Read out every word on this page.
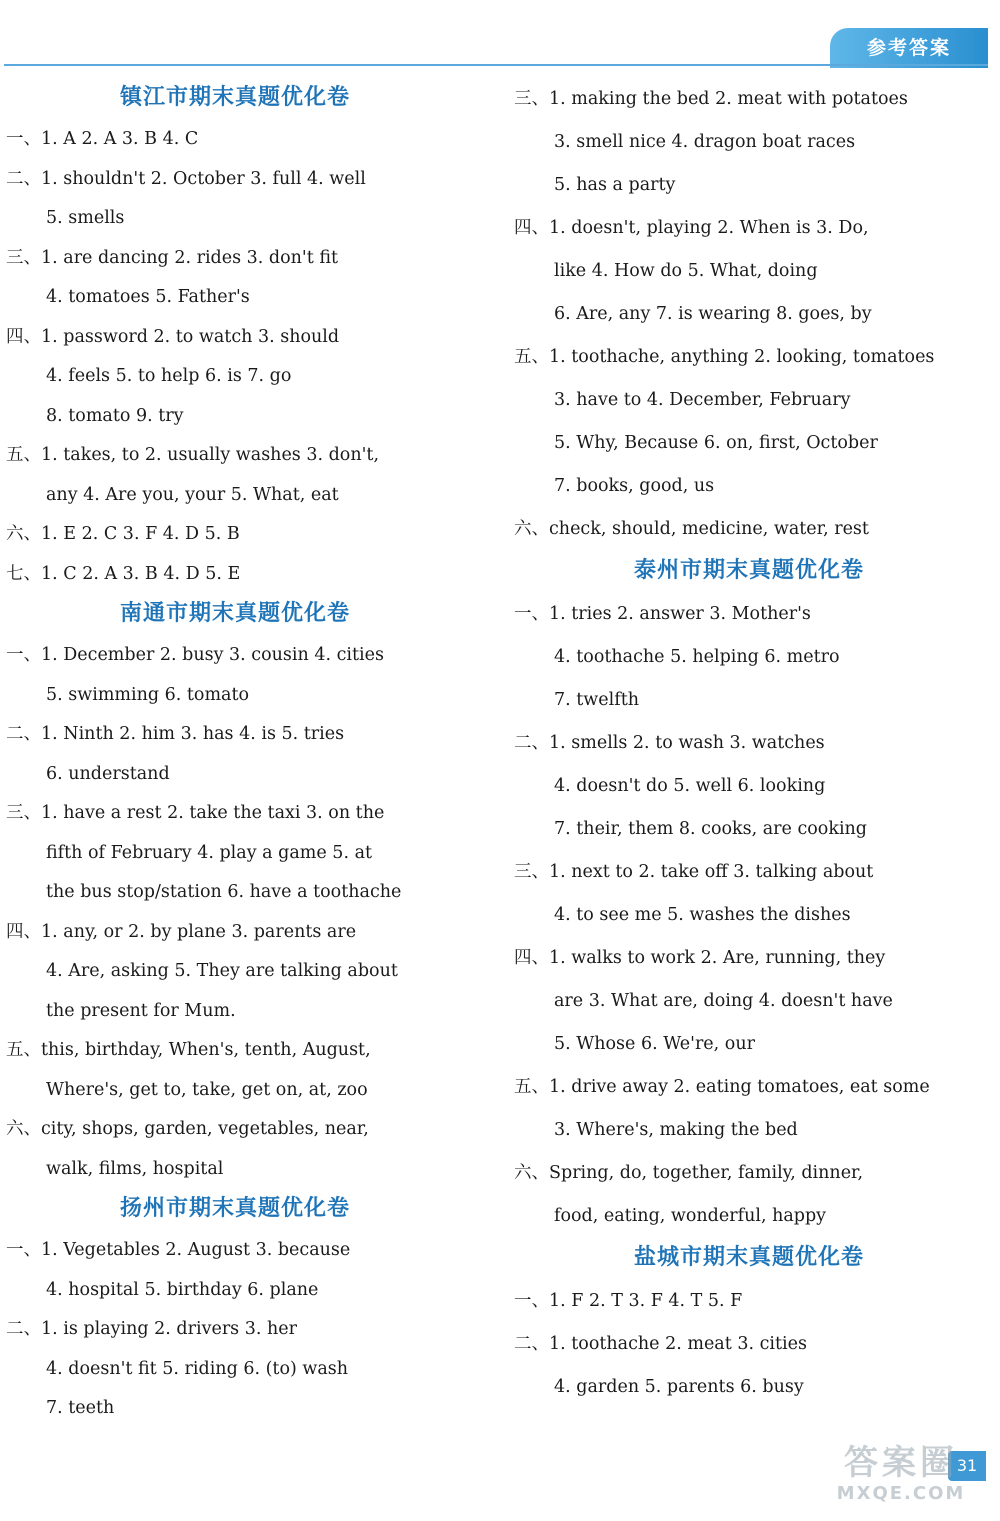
参考答案
镇江市期末真题优化卷
一、1. A 2. A 3. B 4. C
二、1. shouldn't 2. October 3. full 4. well
5. smells
三、1. are dancing 2. rides 3. don't fit
4. tomatoes 5. Father's
四、1. password 2. to watch 3. should
4. feels 5. to help 6. is 7. go
8. tomato 9. try
五、1. takes, to 2. usually washes 3. don't,
any 4. Are you, your 5. What, eat
六、1. E 2. C 3. F 4. D 5. B
七、1. C 2. A 3. B 4. D 5. E
南通市期末真题优化卷
一、1. December 2. busy 3. cousin 4. cities
5. swimming 6. tomato
二、1. Ninth 2. him 3. has 4. is 5. tries
6. understand
三、1. have a rest 2. take the taxi 3. on the
fifth of February 4. play a game 5. at
the bus stop/station 6. have a toothache
四、1. any, or 2. by plane 3. parents are
4. Are, asking 5. They are talking about
the present for Mum.
五、this, birthday, When's, tenth, August,
Where's, get to, take, get on, at, zoo
六、city, shops, garden, vegetables, near,
walk, films, hospital
扬州市期末真题优化卷
一、1. Vegetables 2. August 3. because
4. hospital 5. birthday 6. plane
二、1. is playing 2. drivers 3. her
4. doesn't fit 5. riding 6. (to) wash
7. teeth
三、1. making the bed 2. meat with potatoes
3. smell nice 4. dragon boat races
5. has a party
四、1. doesn't, playing 2. When is 3. Do,
like 4. How do 5. What, doing
6. Are, any 7. is wearing 8. goes, by
五、1. toothache, anything 2. looking, tomatoes
3. have to 4. December, February
5. Why, Because 6. on, first, October
7. books, good, us
六、check, should, medicine, water, rest
泰州市期末真题优化卷
一、1. tries 2. answer 3. Mother's
4. toothache 5. helping 6. metro
7. twelfth
二、1. smells 2. to wash 3. watches
4. doesn't do 5. well 6. looking
7. their, them 8. cooks, are cooking
三、1. next to 2. take off 3. talking about
4. to see me 5. washes the dishes
四、1. walks to work 2. Are, running, they
are 3. What are, doing 4. doesn't have
5. Whose 6. We're, our
五、1. drive away 2. eating tomatoes, eat some
3. Where's, making the bed
六、Spring, do, together, family, dinner,
food, eating, wonderful, happy
盐城市期末真题优化卷
一、1. F 2. T 3. F 4. T 5. F
二、1. toothache 2. meat 3. cities
4. garden 5. parents 6. busy
31
答案圈
MXQE.COM
